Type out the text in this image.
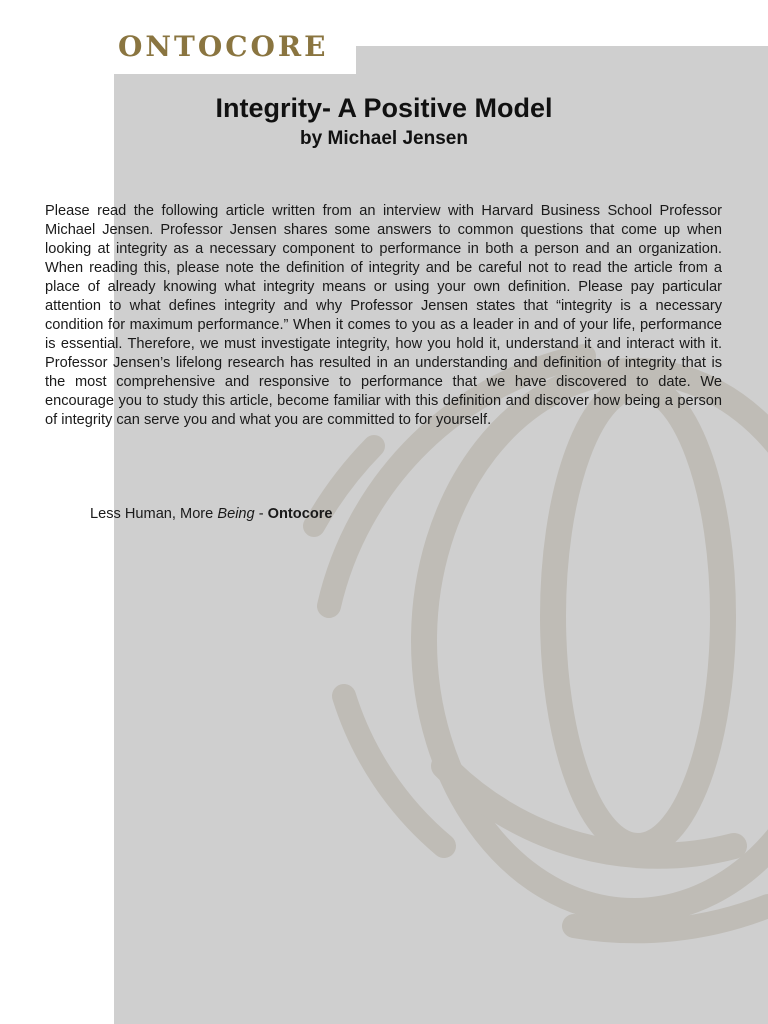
ONTOCORE
Integrity- A Positive Model
by Michael Jensen
Please read the following article written from an interview with Harvard Business School Professor Michael Jensen. Professor Jensen shares some answers to common questions that come up when looking at integrity as a necessary component to performance in both a person and an organization. When reading this, please note the definition of integrity and be careful not to read the article from a place of already knowing what integrity means or using your own definition. Please pay particular attention to what defines integrity and why Professor Jensen states that “integrity is a necessary condition for maximum performance.” When it comes to you as a leader in and of your life, performance is essential. Therefore, we must investigate integrity, how you hold it, understand it and interact with it. Professor Jensen’s lifelong research has resulted in an understanding and definition of integrity that is the most comprehensive and responsive to performance that we have discovered to date. We encourage you to study this article, become familiar with this definition and discover how being a person of integrity can serve you and what you are committed to for yourself.
Less Human, More Being - Ontocore
